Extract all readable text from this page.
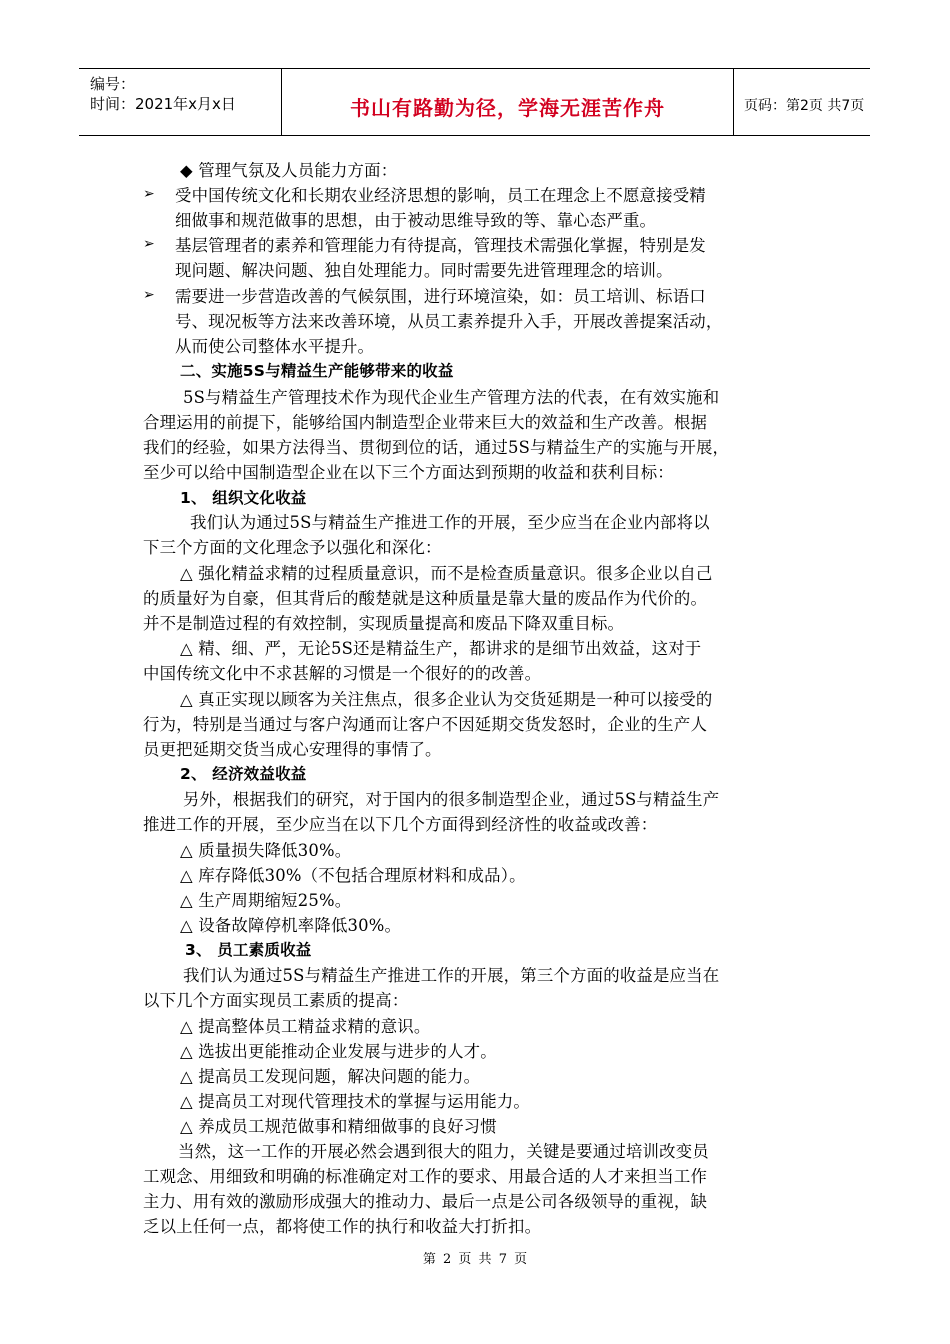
编号：
时间：2021年x月x日	书山有路勤为径，学海无涯苦作舟	页码：第2页 共7页
◆ 管理气氛及人员能力方面：
➢ 受中国传统文化和长期农业经济思想的影响，员工在理念上不愿意接受精
细做事和规范做事的思想，由于被动思维导致的等、靠心态严重。
➢ 基层管理者的素养和管理能力有待提高，管理技术需强化掌握，特别是发
现问题、解决问题、独自处理能力。同时需要先进管理理念的培训。
➢ 需要进一步营造改善的气候氛围，进行环境渲染，如：员工培训、标语口
号、现况板等方法来改善环境，从员工素养提升入手，开展改善提案活动，
从而使公司整体水平提升。
二、实施5S与精益生产能够带来的收益
5S与精益生产管理技术作为现代企业生产管理方法的代表，在有效实施和
合理运用的前提下，能够给国内制造型企业带来巨大的效益和生产改善。根据
我们的经验，如果方法得当、贯彻到位的话，通过5S与精益生产的实施与开展，
至少可以给中国制造型企业在以下三个方面达到预期的收益和获利目标：
1、 组织文化收益
我们认为通过5S与精益生产推进工作的开展，至少应当在企业内部将以
下三个方面的文化理念予以强化和深化：
△ 强化精益求精的过程质量意识，而不是检查质量意识。很多企业以自己
的质量好为自豪，但其背后的酸楚就是这种质量是靠大量的废品作为代价的。
并不是制造过程的有效控制，实现质量提高和废品下降双重目标。
△ 精、细、严，无论5S还是精益生产，都讲求的是细节出效益，这对于
中国传统文化中不求甚解的习惯是一个很好的的改善。
△ 真正实现以顾客为关注焦点，很多企业认为交货延期是一种可以接受的
行为，特别是当通过与客户沟通而让客户不因延期交货发怒时，企业的生产人
员更把延期交货当成心安理得的事情了。
2、 经济效益收益
另外，根据我们的研究，对于国内的很多制造型企业，通过5S与精益生产
推进工作的开展，至少应当在以下几个方面得到经济性的收益或改善：
△ 质量损失降低30%。
△ 库存降低30%（不包括合理原材料和成品）。
△ 生产周期缩短25%。
△ 设备故障停机率降低30%。
3、 员工素质收益
我们认为通过5S与精益生产推进工作的开展，第三个方面的收益是应当在
以下几个方面实现员工素质的提高：
△ 提高整体员工精益求精的意识。
△ 选拔出更能推动企业发展与进步的人才。
△ 提高员工发现问题，解决问题的能力。
△ 提高员工对现代管理技术的掌握与运用能力。
△ 养成员工规范做事和精细做事的良好习惯
当然，这一工作的开展必然会遇到很大的阻力，关键是要通过培训改变员
工观念、用细致和明确的标准确定对工作的要求、用最合适的人才来担当工作
主力、用有效的激励形成强大的推动力、最后一点是公司各级领导的重视，缺
乏以上任何一点，都将使工作的执行和收益大打折扣。
第 2 页 共 7 页
